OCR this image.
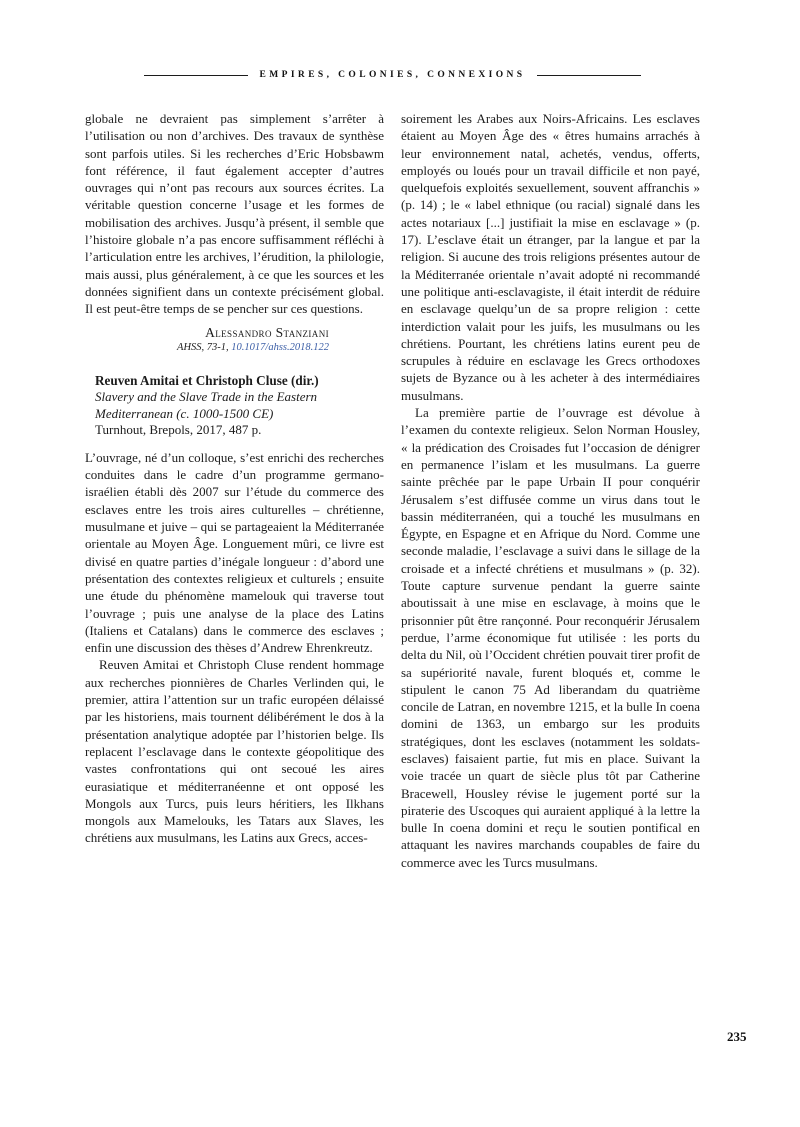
EMPIRES, COLONIES, CONNEXIONS

globale ne devraient pas simplement s’arrêter à l’utilisation ou non d’archives. Des travaux de synthèse sont parfois utiles. Si les recherches d’Eric Hobsbawm font référence, il faut également accepter d’autres ouvrages qui n’ont pas recours aux sources écrites. La véritable question concerne l’usage et les formes de mobilisation des archives. Jusqu’à présent, il semble que l’histoire globale n’a pas encore suffisamment réfléchi à l’articulation entre les archives, l’érudition, la philologie, mais aussi, plus généralement, à ce que les sources et les données signifient dans un contexte précisément global. Il est peut-être temps de se pencher sur ces questions.

Alessandro Stanziani
AHSS, 73-1, 10.1017/ahss.2018.122
Reuven Amitai et Christoph Cluse (dir.)
Slavery and the Slave Trade in the Eastern Mediterranean (c. 1000-1500 CE)
Turnhout, Brepols, 2017, 487 p.

L’ouvrage, né d’un colloque, s’est enrichi des recherches conduites dans le cadre d’un programme germano-israélien établi dès 2007 sur l’étude du commerce des esclaves entre les trois aires culturelles – chrétienne, musulmane et juive – qui se partageaient la Méditerranée orientale au Moyen Âge. Longuement mûri, ce livre est divisé en quatre parties d’inégale longueur : d’abord une présentation des contextes religieux et culturels ; ensuite une étude du phénomène mamelouk qui traverse tout l’ouvrage ; puis une analyse de la place des Latins (Italiens et Catalans) dans le commerce des esclaves ; enfin une discussion des thèses d’Andrew Ehrenkreutz.

Reuven Amitai et Christoph Cluse rendent hommage aux recherches pionnières de Charles Verlinden qui, le premier, attira l’attention sur un trafic européen délaissé par les historiens, mais tournent délibérément le dos à la présentation analytique adoptée par l’historien belge. Ils replacent l’esclavage dans le contexte géopolitique des vastes confrontations qui ont secoué les aires eurasiatique et méditerranéenne et ont opposé les Mongols aux Turcs, puis leurs héritiers, les Ilkhans mongols aux Mamelouks, les Tatars aux Slaves, les chrétiens aux musulmans, les Latins aux Grecs, acces-

soirement les Arabes aux Noirs-Africains. Les esclaves étaient au Moyen Âge des « êtres humains arrachés à leur environnement natal, achetés, vendus, offerts, employés ou loués pour un travail difficile et non payé, quelquefois exploités sexuellement, souvent affranchis » (p. 14) ; le « label ethnique (ou racial) signalé dans les actes notariaux [...] justifiait la mise en esclavage » (p. 17). L’esclave était un étranger, par la langue et par la religion. Si aucune des trois religions présentes autour de la Méditerranée orientale n’avait adopté ni recommandé une politique anti-esclavagiste, il était interdit de réduire en esclavage quelqu’un de sa propre religion : cette interdiction valait pour les juifs, les musulmans ou les chrétiens. Pourtant, les chrétiens latins eurent peu de scrupules à réduire en esclavage les Grecs orthodoxes sujets de Byzance ou à les acheter à des intermédiaires musulmans.

La première partie de l’ouvrage est dévolue à l’examen du contexte religieux. Selon Norman Housley, « la prédication des Croisades fut l’occasion de dénigrer en permanence l’islam et les musulmans. La guerre sainte prêchée par le pape Urbain II pour conquérir Jérusalem s’est diffusée comme un virus dans tout le bassin méditerranéen, qui a touché les musulmans en Égypte, en Espagne et en Afrique du Nord. Comme une seconde maladie, l’esclavage a suivi dans le sillage de la croisade et a infecté chrétiens et musulmans » (p. 32). Toute capture survenue pendant la guerre sainte aboutissait à une mise en esclavage, à moins que le prisonnier pût être rançonné. Pour reconquérir Jérusalem perdue, l’arme économique fut utilisée : les ports du delta du Nil, où l’Occident chrétien pouvait tirer profit de sa supériorité navale, furent bloqués et, comme le stipulent le canon 75 Ad liberandam du quatrième concile de Latran, en novembre 1215, et la bulle In coena domini de 1363, un embargo sur les produits stratégiques, dont les esclaves (notamment les soldats-esclaves) faisaient partie, fut mis en place. Suivant la voie tracée un quart de siècle plus tôt par Catherine Bracewell, Housley révise le jugement porté sur la piraterie des Uscoques qui auraient appliqué à la lettre la bulle In coena domini et reçu le soutien pontifical en attaquant les navires marchands coupables de faire du commerce avec les Turcs musulmans.

235
